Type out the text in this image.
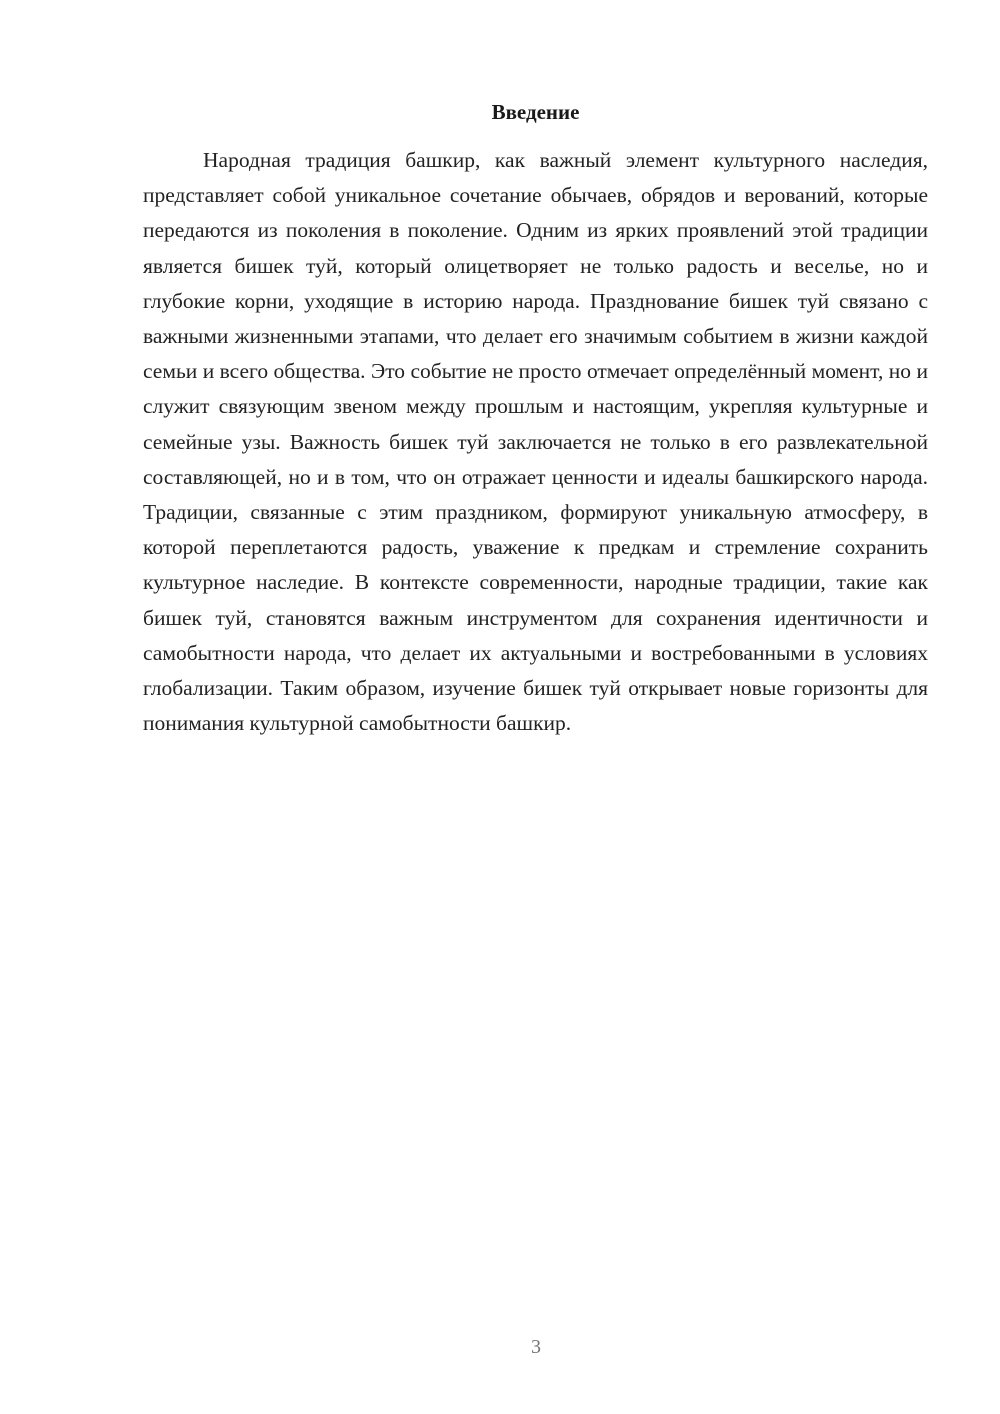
Введение

Народная традиция башкир, как важный элемент культурного наследия, представляет собой уникальное сочетание обычаев, обрядов и верований, которые передаются из поколения в поколение. Одним из ярких проявлений этой традиции является бишек туй, который олицетворяет не только радость и веселье, но и глубокие корни, уходящие в историю народа. Празднование бишек туй связано с важными жизненными этапами, что делает его значимым событием в жизни каждой семьи и всего общества. Это событие не просто отмечает определённый момент, но и служит связующим звеном между прошлым и настоящим, укрепляя культурные и семейные узы. Важность бишек туй заключается не только в его развлекательной составляющей, но и в том, что он отражает ценности и идеалы башкирского народа. Традиции, связанные с этим праздником, формируют уникальную атмосферу, в которой переплетаются радость, уважение к предкам и стремление сохранить культурное наследие. В контексте современности, народные традиции, такие как бишек туй, становятся важным инструментом для сохранения идентичности и самобытности народа, что делает их актуальными и востребованными в условиях глобализации. Таким образом, изучение бишек туй открывает новые горизонты для понимания культурной самобытности башкир.

3
